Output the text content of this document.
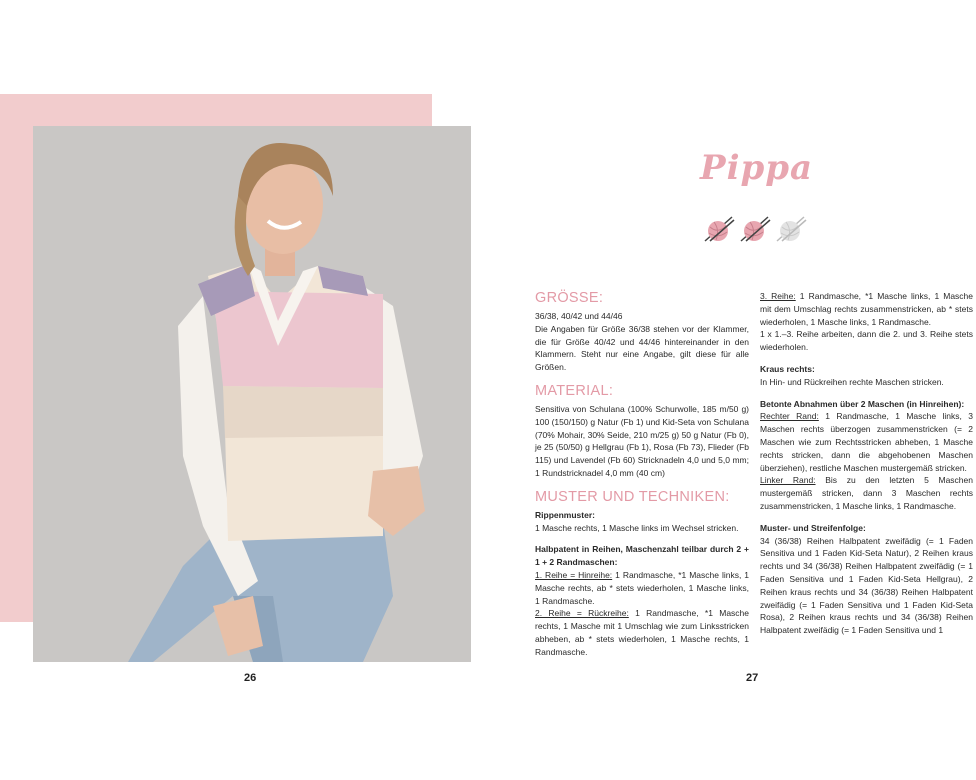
26	27
Pippa

GRÖSSE:

36/38, 40/42 und 44/46

Die Angaben für Größe 36/38 stehen vor der Klammer, die für Größe 40/42 und 44/46 hintereinander in den Klammern. Steht nur eine Angabe, gilt diese für alle Größen.

MATERIAL:

Sensitiva von Schulana (100% Schurwolle, 185 m/50 g) 100 (150/150) g Natur (Fb 1) und Kid-Seta von Schulana (70% Mohair, 30% Seide, 210 m/25 g) 50 g Natur (Fb 0), je 25 (50/50) g Hellgrau (Fb 1), Rosa (Fb 73), Flieder (Fb 115) und Lavendel (Fb 60) Stricknadeln 4,0 und 5,0 mm; 1 Rundstricknadel 4,0 mm (40 cm)

MUSTER UND TECHNIKEN:

Rippenmuster:

1 Masche rechts, 1 Masche links im Wechsel stricken.

Halbpatent in Reihen, Maschenzahl teilbar durch 2 + 1 + 2 Randmaschen:

1. Reihe = Hinreihe: 1 Randmasche, *1 Masche links, 1 Masche rechts, ab * stets wiederholen, 1 Masche links, 1 Randmasche.

2. Reihe = Rückreihe: 1 Randmasche, *1 Masche rechts, 1 Masche mit 1 Umschlag wie zum Linksstricken abheben, ab * stets wiederholen, 1 Masche rechts, 1 Randmasche.

3. Reihe: 1 Randmasche, *1 Masche links, 1 Masche mit dem Umschlag rechts zusammenstricken, ab * stets wiederholen, 1 Masche links, 1 Randmasche.

1 x 1.–3. Reihe arbeiten, dann die 2. und 3. Reihe stets wiederholen.

Kraus rechts:

In Hin- und Rückreihen rechte Maschen stricken.

Betonte Abnahmen über 2 Maschen (in Hinreihen):

Rechter Rand: 1 Randmasche, 1 Masche links, 3 Maschen rechts überzogen zusammenstricken (= 2 Maschen wie zum Rechtsstricken abheben, 1 Masche rechts stricken, dann die abgehobenen Maschen überziehen), restliche Maschen mustergemäß stricken.

Linker Rand: Bis zu den letzten 5 Maschen mustergemäß stricken, dann 3 Maschen rechts zusammenstricken, 1 Masche links, 1 Randmasche.

Muster- und Streifenfolge:

34 (36/38) Reihen Halbpatent zweifädig (= 1 Faden Sensitiva und 1 Faden Kid-Seta Natur), 2 Reihen kraus rechts und 34 (36/38) Reihen Halbpatent zweifädig (= 1 Faden Sensitiva und 1 Faden Kid-Seta Hellgrau), 2 Reihen kraus rechts und 34 (36/38) Reihen Halbpatent zweifädig (= 1 Faden Sensitiva und 1 Faden Kid-Seta Rosa), 2 Reihen kraus rechts und 34 (36/38) Reihen Halbpatent zweifädig (= 1 Faden Sensitiva und 1
